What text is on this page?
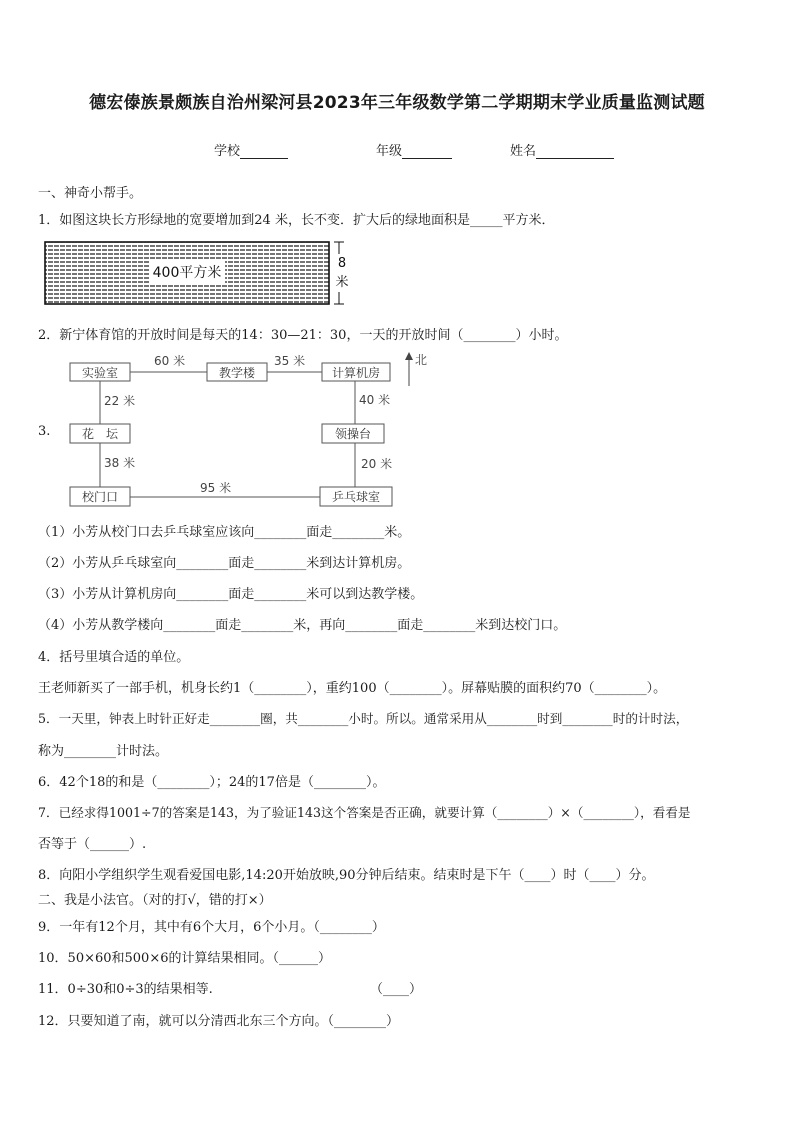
德宏傣族景颇族自治州梁河县2023年三年级数学第二学期期末学业质量监测试题
学校	年级	姓名
一、神奇小帮手。
1．如图这块长方形绿地的宽要增加到24 米，长不变．扩大后的绿地面积是_____平方米．
400平方米
8
米
2．新宁体育馆的开放时间是每天的14：30—21：30，一天的开放时间（________）小时。
3.
实验室	教学楼	计算机房
花　坛	领操台
校门口	乒乓球室
60 米	35 米
22 米	40 米
38 米	20 米
95 米
北
（1）小芳从校门口去乒乓球室应该向________面走________米。
（2）小芳从乒乓球室向________面走________米到达计算机房。
（3）小芳从计算机房向________面走________米可以到达教学楼。
（4）小芳从教学楼向________面走________米，再向________面走________米到达校门口。
4．括号里填合适的单位。
王老师新买了一部手机，机身长约1（________），重约100（________）。屏幕贴膜的面积约70（________）。
5．一天里，钟表上时针正好走________圈，共________小时。所以。通常采用从________时到________时的计时法，
称为________计时法。
6．42个18的和是（________）；24的17倍是（________）。
7．已经求得1001÷7的答案是143，为了验证143这个答案是否正确，就要计算（________）×（________），看看是
否等于（______）.
8．向阳小学组织学生观看爱国电影,14:20开始放映,90分钟后结束。结束时是下午（____）时（____）分。
二、我是小法官。（对的打√，错的打×）
9．一年有12个月，其中有6个大月，6个小月。（________）
10．50×60和500×6的计算结果相同。（______）
11．0÷30和0÷3的结果相等.	（____）
12．只要知道了南，就可以分清西北东三个方向。（________）
